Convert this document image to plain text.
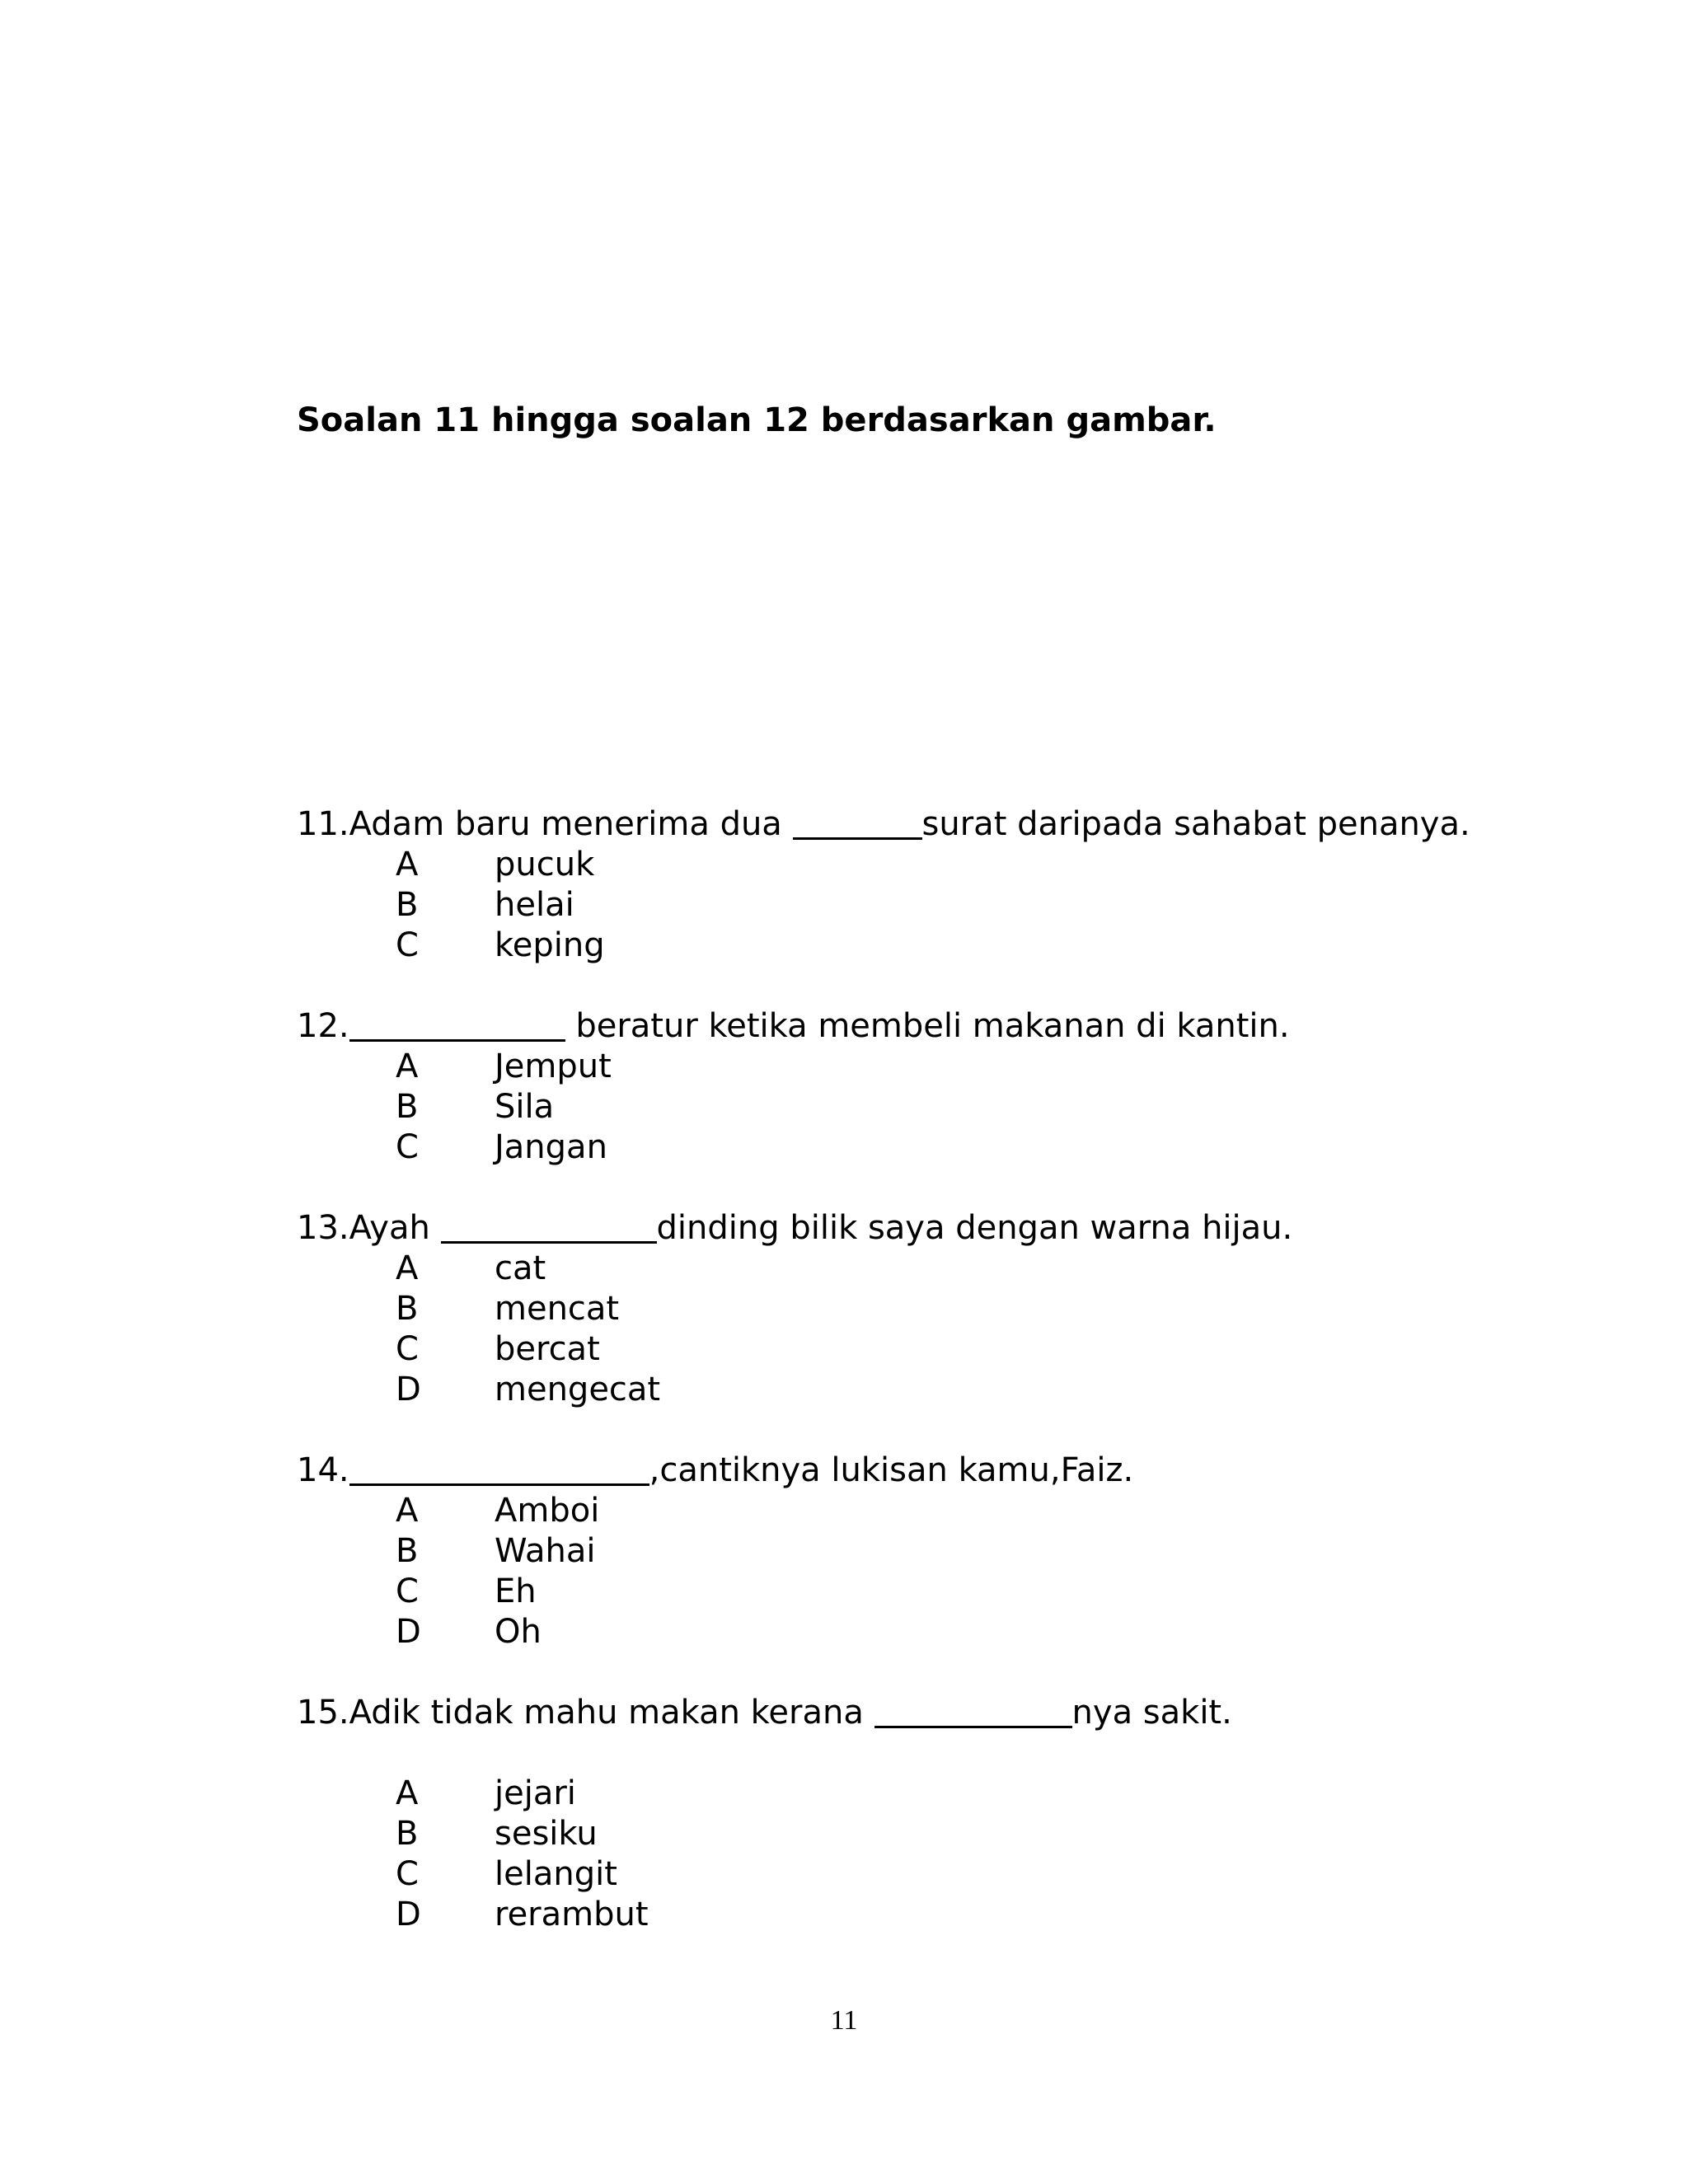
Soalan 11 hingga soalan 12 berdasarkan gambar.
11.Adam baru menerima dua	surat daripada sahabat penanya.
A pucuk
B helai
C keping
12.	beratur ketika membeli makanan di kantin.
A Jemput
B Sila
C Jangan
13.Ayah	dinding bilik saya dengan warna hijau.
A cat
B mencat
C bercat
D mengecat
14.	,cantiknya lukisan kamu,Faiz.
A Amboi
B Wahai
C Eh
D Oh
15.Adik tidak mahu makan kerana	nya sakit.
A jejari
B sesiku
C lelangit
D rerambut
11
